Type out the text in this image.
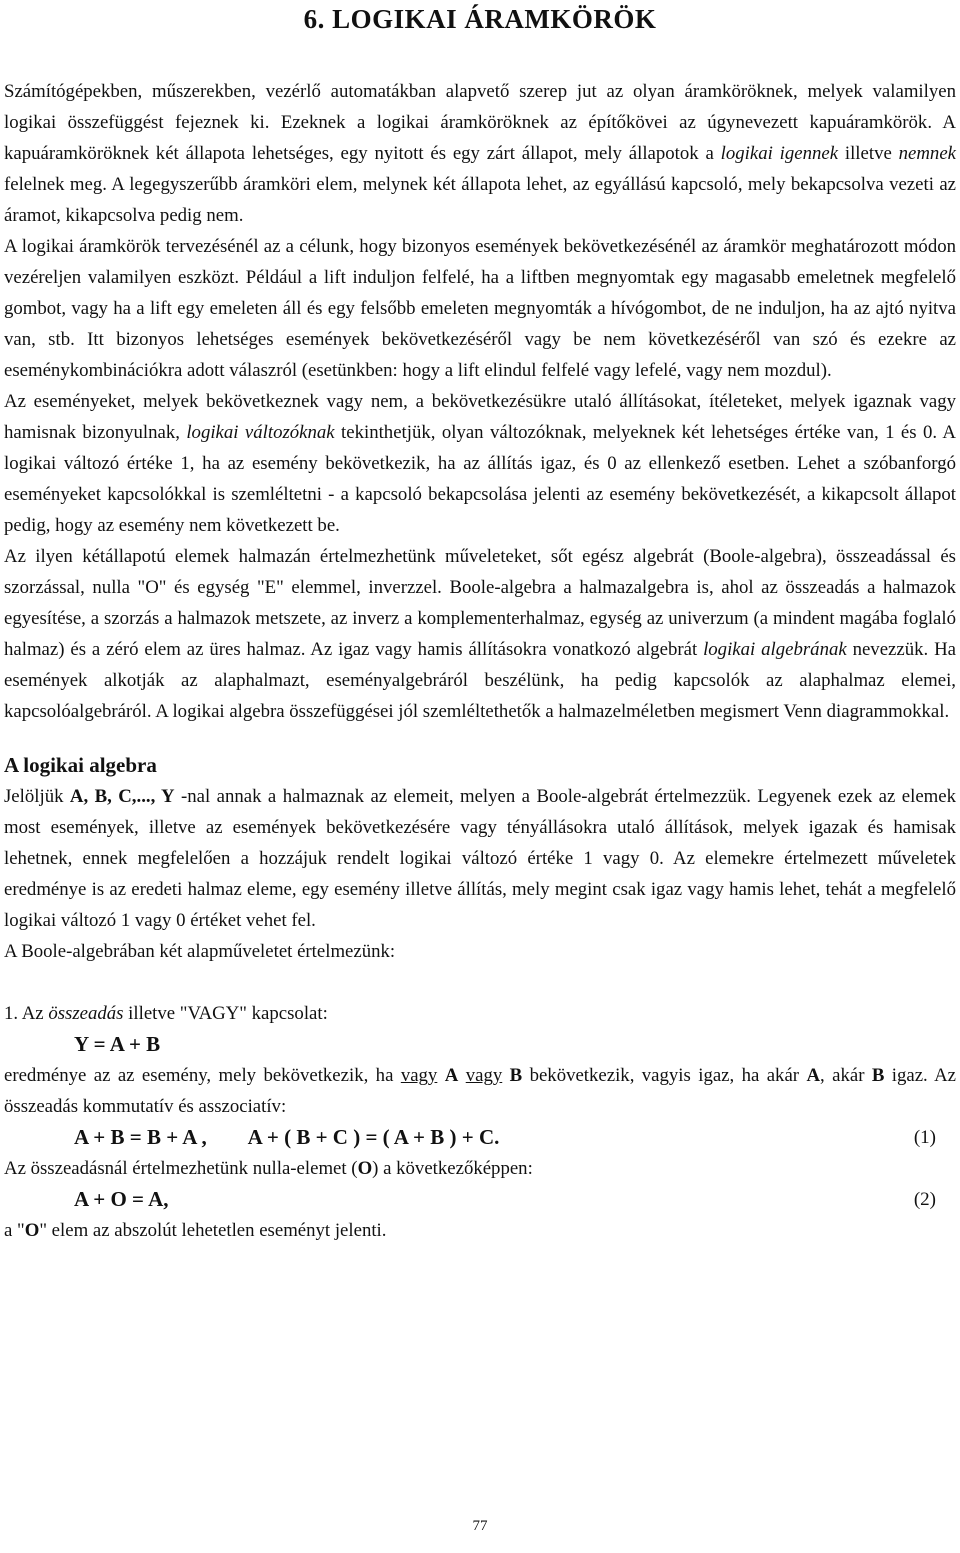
6. LOGIKAI ÁRAMKÖRÖK

Számítógépekben, műszerekben, vezérlő automatákban alapvető szerep jut az olyan áramköröknek, melyek valamilyen logikai összefüggést fejeznek ki. Ezeknek a logikai áramköröknek az építőkövei az úgynevezett kapuáramkörök. A kapuáramköröknek két állapota lehetséges, egy nyitott és egy zárt állapot, mely állapotok a logikai igennek illetve nemnek felelnek meg. A legegyszerűbb áramköri elem, melynek két állapota lehet, az egyállású kapcsoló, mely bekapcsolva vezeti az áramot, kikapcsolva pedig nem.

A logikai áramkörök tervezésénél az a célunk, hogy bizonyos események bekövetkezésénél az áramkör meghatározott módon vezéreljen valamilyen eszközt. Például a lift induljon felfelé, ha a liftben megnyomtak egy magasabb emeletnek megfelelő gombot, vagy ha a lift egy emeleten áll és egy felsőbb emeleten megnyomták a hívógombot, de ne induljon, ha az ajtó nyitva van, stb. Itt bizonyos lehetséges események bekövetkezéséről vagy be nem következéséről van szó és ezekre az eseménykombinációkra adott válaszról (esetünkben: hogy a lift elindul felfelé vagy lefelé, vagy nem mozdul).

Az eseményeket, melyek bekövetkeznek vagy nem, a bekövetkezésükre utaló állításokat, ítéleteket, melyek igaznak vagy hamisnak bizonyulnak, logikai változóknak tekinthetjük, olyan változóknak, melyeknek két lehetséges értéke van, 1 és 0. A logikai változó értéke 1, ha az esemény bekövetkezik, ha az állítás igaz, és 0 az ellenkező esetben. Lehet a szóbanforgó eseményeket kapcsolókkal is szemléltetni - a kapcsoló bekapcsolása jelenti az esemény bekövetkezését, a kikapcsolt állapot pedig, hogy az esemény nem következett be.

Az ilyen kétállapotú elemek halmazán értelmezhetünk műveleteket, sőt egész algebrát (Boole-algebra), összeadással és szorzással, nulla "O" és egység "E" elemmel, inverzzel. Boole-algebra a halmazalgebra is, ahol az összeadás a halmazok egyesítése, a szorzás a halmazok metszete, az inverz a komplementerhalmaz, egység az univerzum (a mindent magába foglaló halmaz) és a zéró elem az üres halmaz. Az igaz vagy hamis állításokra vonatkozó algebrát logikai algebrának nevezzük. Ha események alkotják az alaphalmazt, eseményalgebráról beszélünk, ha pedig kapcsolók az alaphalmaz elemei, kapcsolóalgebráról. A logikai algebra összefüggései jól szemléltethetők a halmazelméletben megismert Venn diagrammokkal.

A logikai algebra

Jelöljük A, B, C,..., Y -nal annak a halmaznak az elemeit, melyen a Boole-algebrát értelmezzük. Legyenek ezek az elemek most események, illetve az események bekövetkezésére vagy tényállásokra utaló állítások, melyek igazak és hamisak lehetnek, ennek megfelelően a hozzájuk rendelt logikai változó értéke 1 vagy 0. Az elemekre értelmezett műveletek eredménye is az eredeti halmaz eleme, egy esemény illetve állítás, mely megint csak igaz vagy hamis lehet, tehát a megfelelő logikai változó 1 vagy 0 értéket vehet fel.

A Boole-algebrában két alapműveletet értelmezünk:

1. Az összeadás illetve "VAGY" kapcsolat:

Y = A + B

eredménye az az esemény, mely bekövetkezik, ha vagy A vagy B bekövetkezik, vagyis igaz, ha akár A, akár B igaz. Az összeadás kommutatív és asszociatív:

A + B = B + A ,        A + ( B + C ) = ( A + B ) + C.	(1)

Az összeadásnál értelmezhetünk nulla-elemet (O) a következőképpen:

A + O = A,	(2)

a "O" elem az abszolút lehetetlen eseményt jelenti.

77
